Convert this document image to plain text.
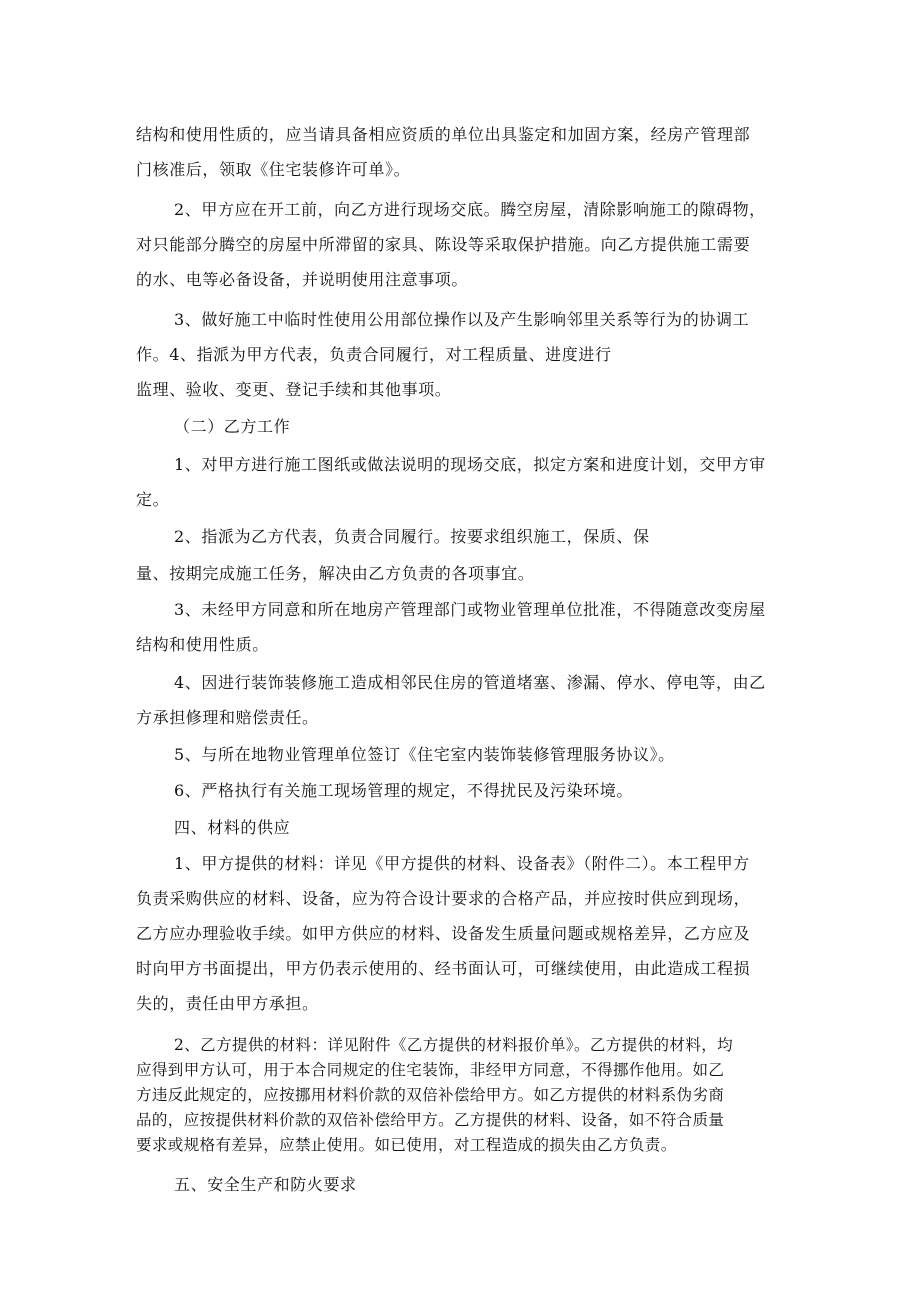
结构和使用性质的，应当请具备相应资质的单位出具鉴定和加固方案，经房产管理部
门核准后，领取《住宅装修许可单》。
2、甲方应在开工前，向乙方进行现场交底。腾空房屋，清除影响施工的隙碍物，
对只能部分腾空的房屋中所滞留的家具、陈设等采取保护措施。向乙方提供施工需要
的水、电等必备设备，并说明使用注意事项。
3、做好施工中临时性使用公用部位操作以及产生影响邻里关系等行为的协调工
作。4、指派为甲方代表，负责合同履行，对工程质量、进度进行
监理、验收、变更、登记手续和其他事项。
（二）乙方工作
1、对甲方进行施工图纸或做法说明的现场交底，拟定方案和进度计划，交甲方审
定。
2、指派为乙方代表，负责合同履行。按要求组织施工，保质、保
量、按期完成施工任务，解决由乙方负责的各项事宜。
3、未经甲方同意和所在地房产管理部门或物业管理单位批准，不得随意改变房屋
结构和使用性质。
4、因进行装饰装修施工造成相邻民住房的管道堵塞、渗漏、停水、停电等，由乙
方承担修理和赔偿责任。
5、与所在地物业管理单位签订《住宅室内装饰装修管理服务协议》。
6、严格执行有关施工现场管理的规定，不得扰民及污染环境。
四、材料的供应
1、甲方提供的材料：详见《甲方提供的材料、设备表》（附件二）。本工程甲方
负责采购供应的材料、设备，应为符合设计要求的合格产品，并应按时供应到现场，
乙方应办理验收手续。如甲方供应的材料、设备发生质量问题或规格差异，乙方应及
时向甲方书面提出，甲方仍表示使用的、经书面认可，可继续使用，由此造成工程损
失的，责任由甲方承担。
2、乙方提供的材料：详见附件《乙方提供的材料报价单》。乙方提供的材料，均
应得到甲方认可，用于本合同规定的住宅装饰，非经甲方同意，不得挪作他用。如乙
方违反此规定的，应按挪用材料价款的双倍补偿给甲方。如乙方提供的材料系伪劣商
品的，应按提供材料价款的双倍补偿给甲方。乙方提供的材料、设备，如不符合质量
要求或规格有差异，应禁止使用。如已使用，对工程造成的损失由乙方负责。
五、安全生产和防火要求
